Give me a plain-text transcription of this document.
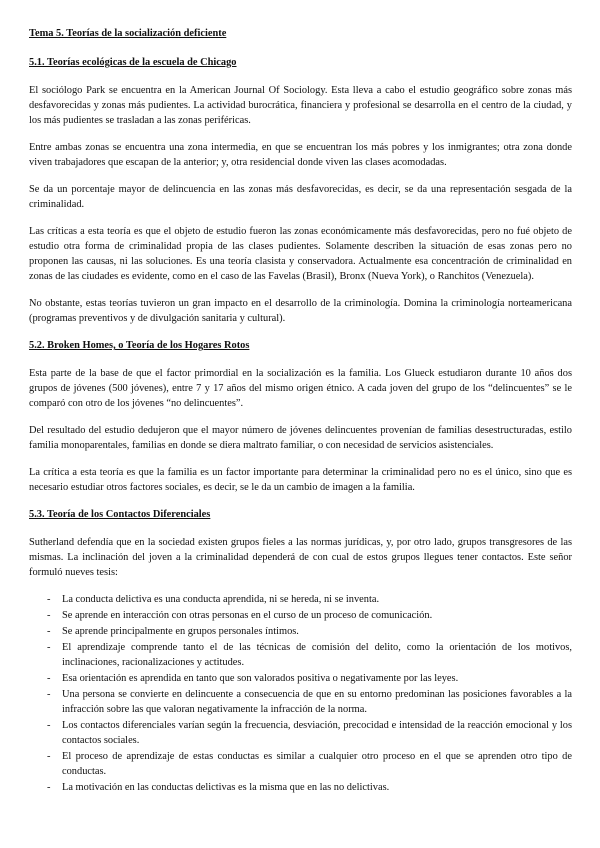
Tema 5. Teorías de la socialización deficiente
5.1. Teorías ecológicas de la escuela de Chicago

El sociólogo Park se encuentra en la American Journal Of Sociology. Esta lleva a cabo el estudio geográfico sobre zonas más desfavorecidas y zonas más pudientes. La actividad burocrática, financiera y profesional se desarrolla en el centro de la ciudad, y los más pudientes se trasladan a las zonas periféricas.

Entre ambas zonas se encuentra una zona intermedia, en que se encuentran los más pobres y los inmigrantes; otra zona donde viven trabajadores que escapan de la anterior; y, otra residencial donde viven las clases acomodadas.

Se da un porcentaje mayor de delincuencia en las zonas más desfavorecidas, es decir, se da una representación sesgada de la criminalidad.

Las críticas a esta teoría es que el objeto de estudio fueron las zonas económicamente más desfavorecidas, pero no fué objeto de estudio otra forma de criminalidad propia de las clases pudientes. Solamente describen la situación de esas zonas pero no proponen las causas, ni las soluciones. Es una teoría clasista y conservadora. Actualmente esa concentración de criminalidad en zonas de las ciudades es evidente, como en el caso de las Favelas (Brasil), Bronx (Nueva York), o Ranchitos (Venezuela).

No obstante, estas teorías tuvieron un gran impacto en el desarrollo de la criminología. Domina la criminología norteamericana (programas preventivos y de divulgación sanitaria y cultural).

5.2. Broken Homes, o Teoría de los Hogares Rotos

Esta parte de la base de que el factor primordial en la socialización es la familia. Los Glueck estudiaron durante 10 años dos grupos de jóvenes (500 jóvenes), entre 7 y 17 años del mismo origen étnico. A cada joven del grupo de los “delincuentes” se le comparó con otro de los jóvenes “no delincuentes”.

Del resultado del estudio dedujeron que el mayor número de jóvenes delincuentes provenían de familias desestructuradas, estilo familia monoparentales, familias en donde se diera maltrato familiar, o con necesidad de servicios asistenciales.

La crítica a esta teoría es que la familia es un factor importante para determinar la criminalidad pero no es el único, sino que es necesario estudiar otros factores sociales, es decir, se le da un cambio de imagen a la familia.

5.3. Teoría de los Contactos Diferenciales

Sutherland defendía que en la sociedad existen grupos fieles a las normas jurídicas, y, por otro lado, grupos transgresores de las mismas. La inclinación del joven a la criminalidad dependerá de con cual de estos grupos llegues tener contactos. Este señor formuló nueves tesis:

- La conducta delictiva es una conducta aprendida, ni se hereda, ni se inventa.
- Se aprende en interacción con otras personas en el curso de un proceso de comunicación.
- Se aprende principalmente en grupos personales íntimos.
- El aprendizaje comprende tanto el de las técnicas de comisión del delito, como la orientación de los motivos, inclinaciones, racionalizaciones y actitudes.
- Esa orientación es aprendida en tanto que son valorados positiva o negativamente por las leyes.
- Una persona se convierte en delincuente a consecuencia de que en su entorno predominan las posiciones favorables a la infracción sobre las que valoran negativamente la infracción de la norma.
- Los contactos diferenciales varían según la frecuencia, desviación, precocidad e intensidad de la reacción emocional y los contactos sociales.
- El proceso de aprendizaje de estas conductas es similar a cualquier otro proceso en el que se aprenden otro tipo de conductas.
- La motivación en las conductas delictivas es la misma que en las no delictivas.
